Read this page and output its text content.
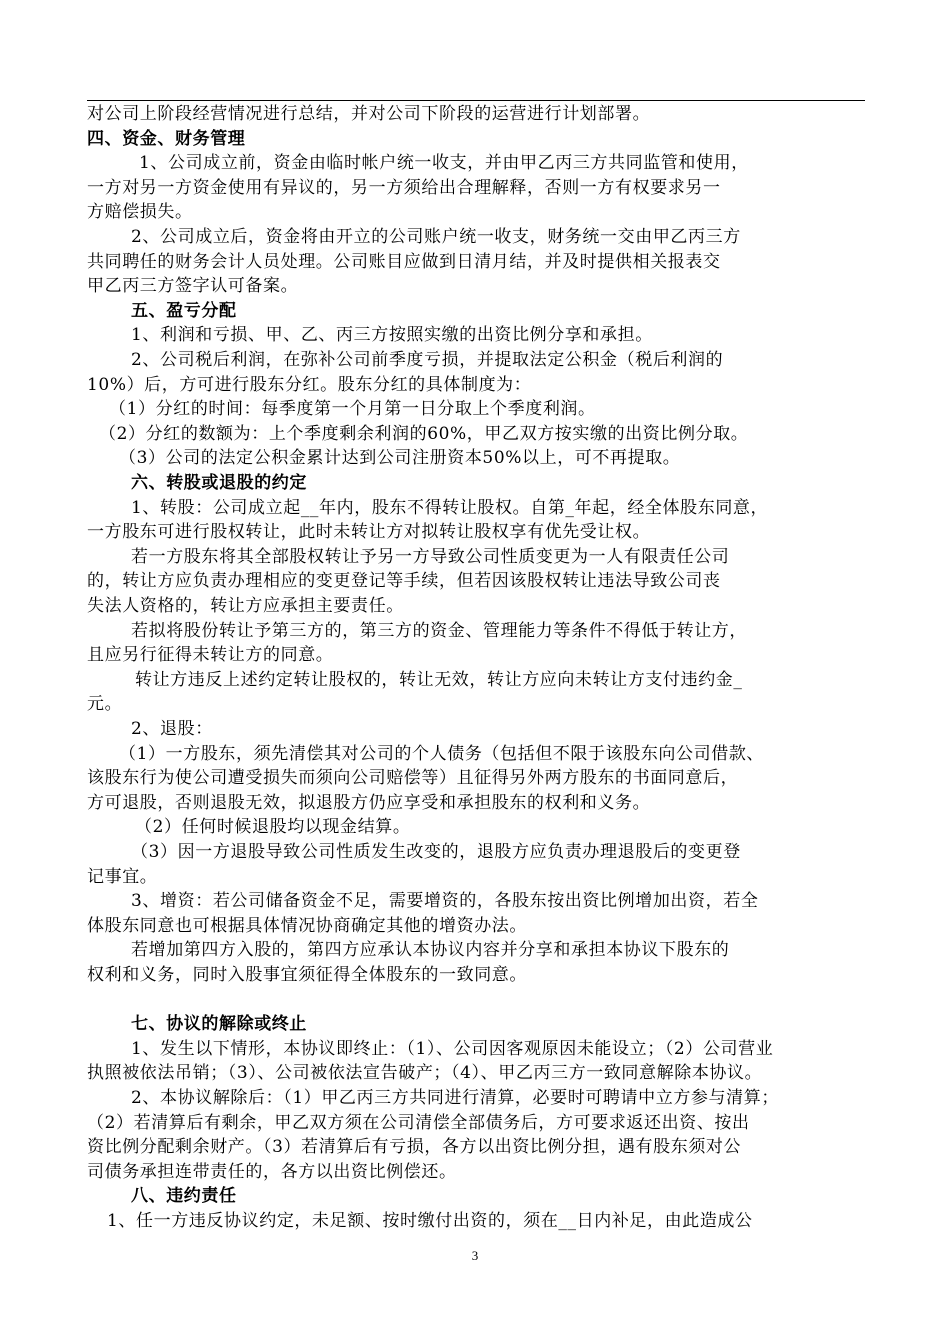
对公司上阶段经营情况进行总结，并对公司下阶段的运营进行计划部署。
四、资金、财务管理
1、公司成立前，资金由临时帐户统一收支，并由甲乙丙三方共同监管和使用，
一方对另一方资金使用有异议的，另一方须给出合理解释，否则一方有权要求另一
方赔偿损失。
2、公司成立后，资金将由开立的公司账户统一收支，财务统一交由甲乙丙三方
共同聘任的财务会计人员处理。公司账目应做到日清月结，并及时提供相关报表交
甲乙丙三方签字认可备案。
五、盈亏分配
1、利润和亏损、甲、乙、丙三方按照实缴的出资比例分享和承担。
2、公司税后利润，在弥补公司前季度亏损，并提取法定公积金（税后利润的
10%）后，方可进行股东分红。股东分红的具体制度为：
（1）分红的时间：每季度第一个月第一日分取上个季度利润。
（2）分红的数额为：上个季度剩余利润的60%，甲乙双方按实缴的出资比例分取。
（3）公司的法定公积金累计达到公司注册资本50%以上，可不再提取。
六、转股或退股的约定
1、转股：公司成立起__年内，股东不得转让股权。自第_年起，经全体股东同意，
一方股东可进行股权转让，此时未转让方对拟转让股权享有优先受让权。
若一方股东将其全部股权转让予另一方导致公司性质变更为一人有限责任公司
的，转让方应负责办理相应的变更登记等手续，但若因该股权转让违法导致公司丧
失法人资格的，转让方应承担主要责任。
若拟将股份转让予第三方的，第三方的资金、管理能力等条件不得低于转让方，
且应另行征得未转让方的同意。
转让方违反上述约定转让股权的，转让无效，转让方应向未转让方支付违约金_
元。
2、退股：
（1）一方股东，须先清偿其对公司的个人债务（包括但不限于该股东向公司借款、
该股东行为使公司遭受损失而须向公司赔偿等）且征得另外两方股东的书面同意后，
方可退股，否则退股无效，拟退股方仍应享受和承担股东的权利和义务。
（2）任何时候退股均以现金结算。
（3）因一方退股导致公司性质发生改变的，退股方应负责办理退股后的变更登
记事宜。
3、增资：若公司储备资金不足，需要增资的，各股东按出资比例增加出资，若全
体股东同意也可根据具体情况协商确定其他的增资办法。
若增加第四方入股的，第四方应承认本协议内容并分享和承担本协议下股东的
权利和义务，同时入股事宜须征得全体股东的一致同意。
七、协议的解除或终止
1、发生以下情形，本协议即终止：（1）、公司因客观原因未能设立；（2）公司营业
执照被依法吊销；（3）、公司被依法宣告破产；（4）、甲乙丙三方一致同意解除本协议。
2、本协议解除后：（1）甲乙丙三方共同进行清算，必要时可聘请中立方参与清算；
（2）若清算后有剩余，甲乙双方须在公司清偿全部债务后，方可要求返还出资、按出
资比例分配剩余财产。（3）若清算后有亏损，各方以出资比例分担，遇有股东须对公
司债务承担连带责任的，各方以出资比例偿还。
八、违约责任
1、任一方违反协议约定，未足额、按时缴付出资的，须在__日内补足，由此造成公
3
